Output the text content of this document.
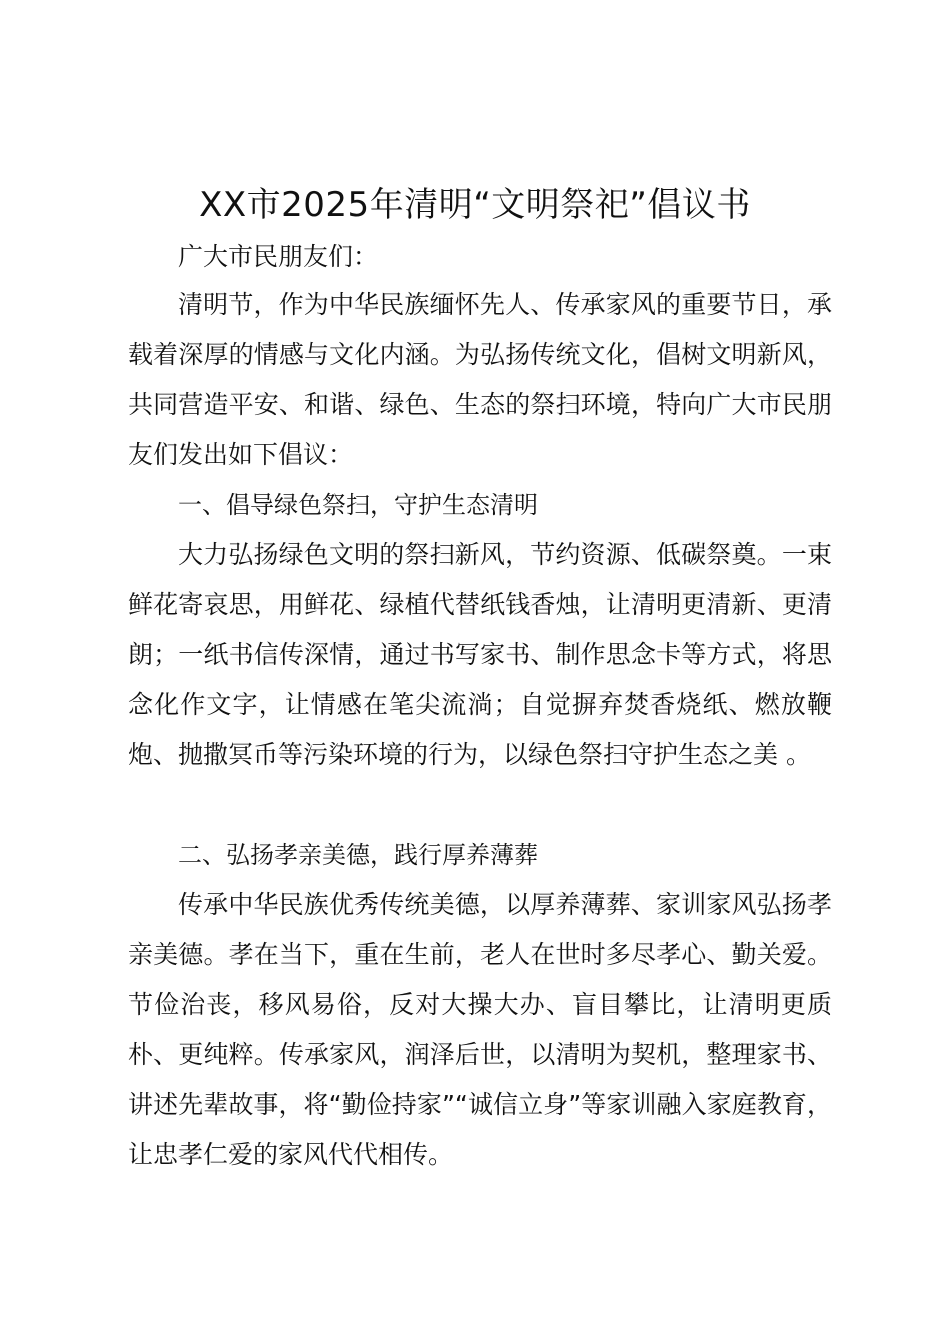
XX市2025年清明“文明祭祀”倡议书
广大市民朋友们：

清明节，作为中华民族缅怀先人、传承家风的重要节日，承载着深厚的情感与文化内涵。为弘扬传统文化，倡树文明新风，共同营造平安、和谐、绿色、生态的祭扫环境，特向广大市民朋友们发出如下倡议：

一、倡导绿色祭扫，守护生态清明

大力弘扬绿色文明的祭扫新风，节约资源、低碳祭奠。一束鲜花寄哀思，用鲜花、绿植代替纸钱香烛，让清明更清新、更清朗；一纸书信传深情，通过书写家书、制作思念卡等方式，将思念化作文字，让情感在笔尖流淌；自觉摒弃焚香烧纸、燃放鞭炮、抛撒冥币等污染环境的行为，以绿色祭扫守护生态之美 。

二、弘扬孝亲美德，践行厚养薄葬

传承中华民族优秀传统美德，以厚养薄葬、家训家风弘扬孝亲美德。孝在当下，重在生前，老人在世时多尽孝心、勤关爱。节俭治丧，移风易俗，反对大操大办、盲目攀比，让清明更质朴、更纯粹。传承家风，润泽后世，以清明为契机，整理家书、讲述先辈故事，将“勤俭持家”“诚信立身”等家训融入家庭教育，让忠孝仁爱的家风代代相传。
